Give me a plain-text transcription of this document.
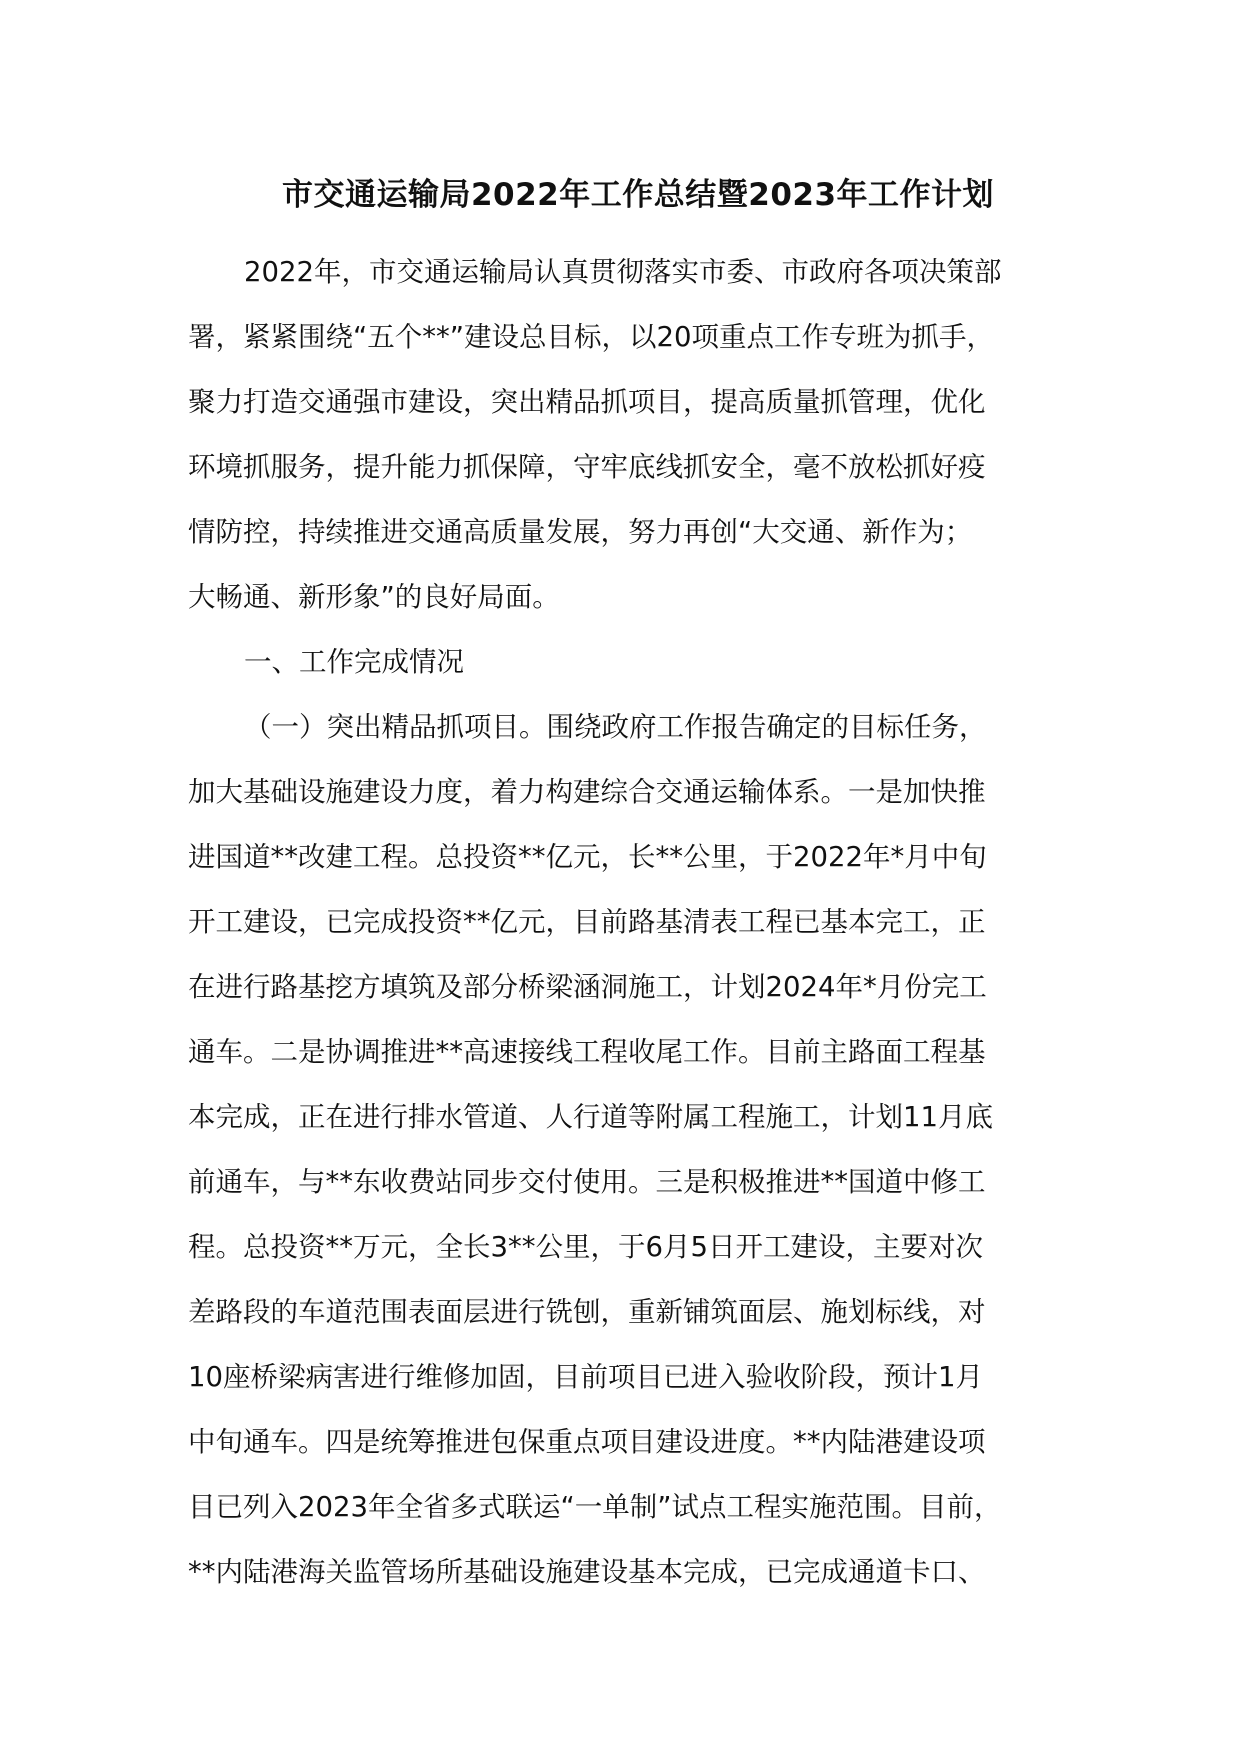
市交通运输局2022年工作总结暨2023年工作计划
2022年，市交通运输局认真贯彻落实市委、市政府各项决策部
署，紧紧围绕“五个**”建设总目标，以20项重点工作专班为抓手，
聚力打造交通强市建设，突出精品抓项目，提高质量抓管理，优化
环境抓服务，提升能力抓保障，守牢底线抓安全，毫不放松抓好疫
情防控，持续推进交通高质量发展，努力再创“大交通、新作为；
大畅通、新形象”的良好局面。
一、工作完成情况
（一）突出精品抓项目。围绕政府工作报告确定的目标任务，
加大基础设施建设力度，着力构建综合交通运输体系。一是加快推
进国道**改建工程。总投资**亿元，长**公里，于2022年*月中旬
开工建设，已完成投资**亿元，目前路基清表工程已基本完工，正
在进行路基挖方填筑及部分桥梁涵洞施工，计划2024年*月份完工
通车。二是协调推进**高速接线工程收尾工作。目前主路面工程基
本完成，正在进行排水管道、人行道等附属工程施工，计划11月底
前通车，与**东收费站同步交付使用。三是积极推进**国道中修工
程。总投资**万元，全长3**公里，于6月5日开工建设，主要对次
差路段的车道范围表面层进行铣刨，重新铺筑面层、施划标线，对
10座桥梁病害进行维修加固，目前项目已进入验收阶段，预计1月
中旬通车。四是统筹推进包保重点项目建设进度。**内陆港建设项
目已列入2023年全省多式联运“一单制”试点工程实施范围。目前，
**内陆港海关监管场所基础设施建设基本完成，已完成通道卡口、
